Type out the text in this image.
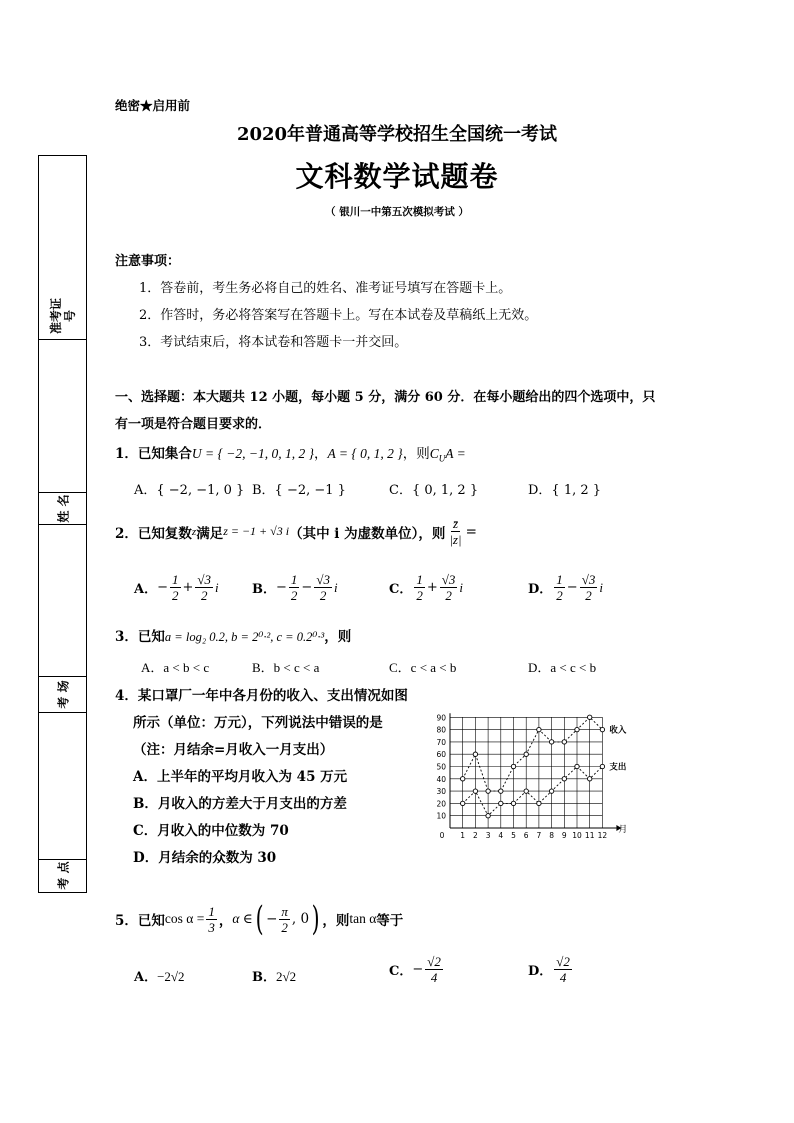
绝密★启用前
2020年普通高等学校招生全国统一考试
文科数学试题卷
（ 银川一中第五次模拟考试 ）
准考证号
姓 名
考 场
考 点
注意事项：
1．答卷前，考生务必将自己的姓名、准考证号填写在答题卡上。
2．作答时，务必将答案写在答题卡上。写在本试卷及草稿纸上无效。
3．考试结束后，将本试卷和答题卡一并交回。
一、选择题：本大题共 12 小题，每小题 5 分，满分 60 分．在每小题给出的四个选项中，只
有一项是符合题目要求的．
1．已知集合U = { −2, −1, 0, 1, 2 }，A = { 0, 1, 2 }，则$C_UA$ =
A．{ −2, −1, 0 } B．{ −2, −1 }	C．{ 0, 1, 2 }	D．{ 1, 2 }
2．已知复数 z 满足 z = −1 + √3 i （其中 i 为虚数单位），则 $\frac{z̄}{|z|}$ =
A． − $\frac{1}{2} + \frac{√3}{2}$ i	B． − $\frac{1}{2} - \frac{√3}{2}$ i	C． $\frac{1}{2} + \frac{√3}{2}$ i	D． $\frac{1}{2} - \frac{√3}{2}$ i
3．已知a = log₂ 0.2, b = 2⁰·², c = 0.2⁰·³，则
A．a < b < c	B．b < c < a	C．c < a < b	D．a < c < b
4．某口罩厂一年中各月份的收入、支出情况如图
所示（单位：万元），下列说法中错误的是
（注：月结余=月收入一月支出）
A．上半年的平均月收入为 45 万元
B．月收入的方差大于月支出的方差
C．月收入的中位数为 70
D．月结余的众数为 30
0 1 2 3 4 5 6 7 8 9 10 11 12
10
20
30
40
50
60
70
80
90
月
收入
支出
5．已知 $\cos \alpha = \frac{1}{3}$ ， α ∈ ( − $\frac{\pi}{2}$ , 0 ) ，则 tan α 等于
A．−2√2	B．2√2	C． − $\frac{√2}{4}$	D． $\frac{√2}{4}$
